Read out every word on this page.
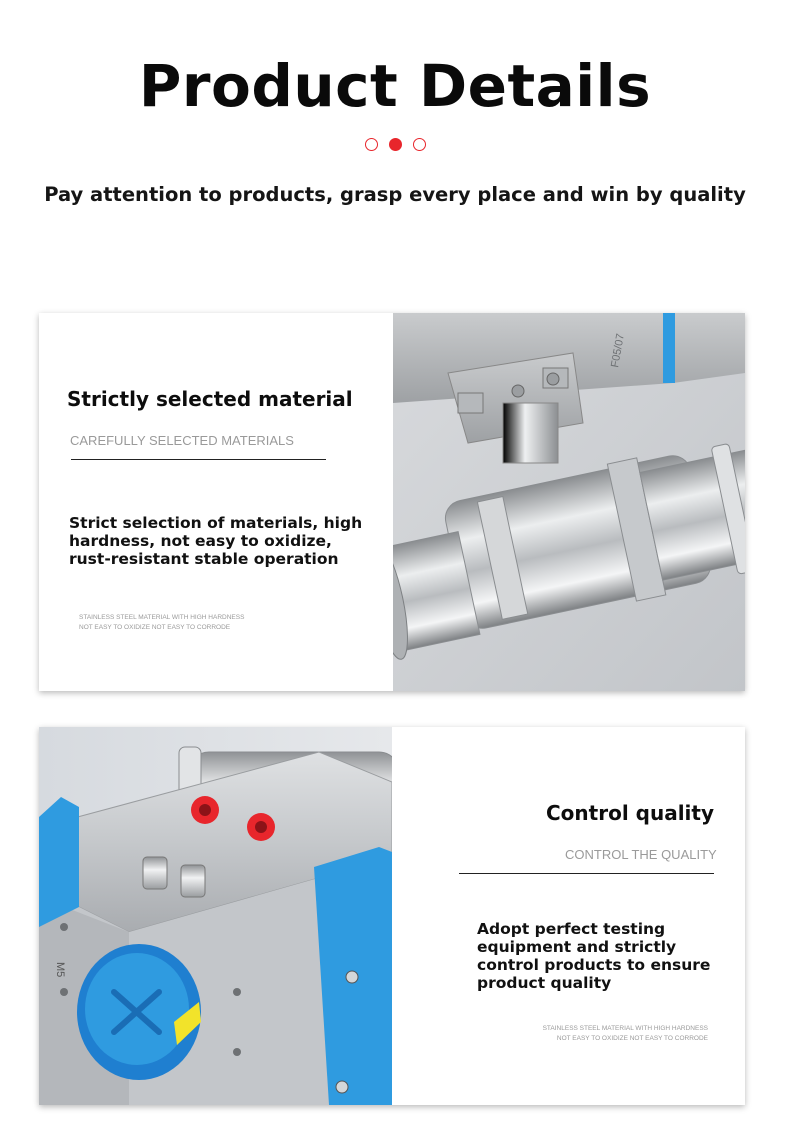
Product Details
Pay attention to products, grasp every place and win by quality
Strictly selected material
CAREFULLY SELECTED MATERIALS
Strict selection of materials, high
hardness, not easy to oxidize,
rust-resistant stable operation
STAINLESS STEEL MATERIAL WITH HIGH HARDNESS
NOT EASY TO OXIDIZE NOT EASY TO CORRODE
F05/07
M5
Control quality
CONTROL THE QUALITY
Adopt perfect testing
equipment and strictly
control products to ensure
product quality
STAINLESS STEEL MATERIAL WITH HIGH HARDNESS
NOT EASY TO OXIDIZE NOT EASY TO CORRODE
